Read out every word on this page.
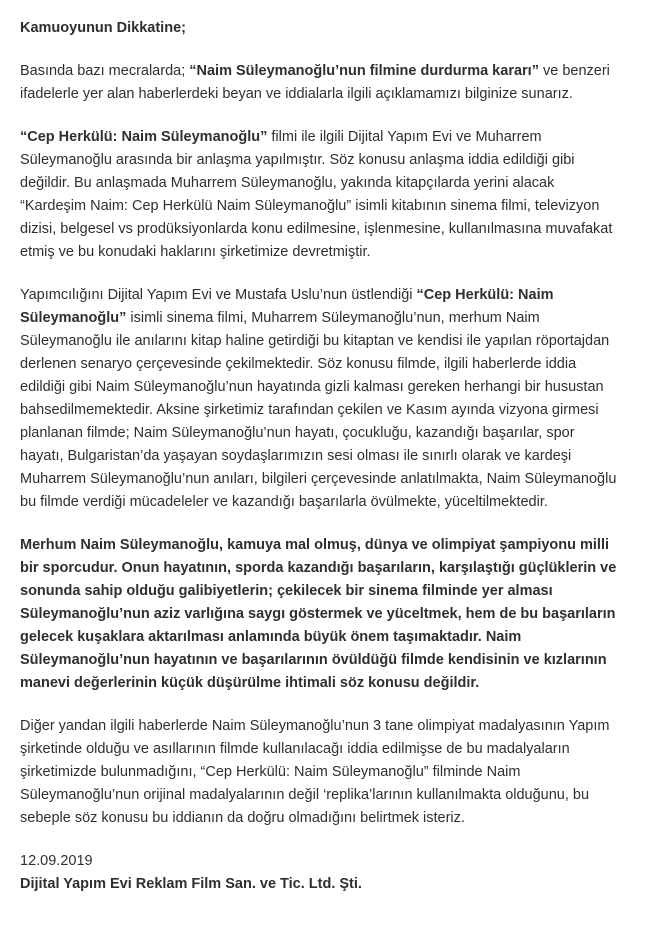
Kamuoyunun Dikkatine;

Basında bazı mecralarda; “Naim Süleymanoğlu’nun filmine durdurma kararı” ve benzeri ifadelerle yer alan haberlerdeki beyan ve iddialarla ilgili açıklamamızı bilginize sunarız.

“Cep Herkülü: Naim Süleymanoğlu” filmi ile ilgili Dijital Yapım Evi ve Muharrem Süleymanoğlu arasında bir anlaşma yapılmıştır. Söz konusu anlaşma iddia edildiği gibi değildir. Bu anlaşmada Muharrem Süleymanoğlu, yakında kitapçılarda yerini alacak “Kardeşim Naim: Cep Herkülü Naim Süleymanoğlu” isimli kitabının sinema filmi, televizyon dizisi, belgesel vs prodüksiyonlarda konu edilmesine, işlenmesine, kullanılmasına muvafakat etmiş ve bu konudaki haklarını şirketimize devretmiştir.

Yapımcılığını Dijital Yapım Evi ve Mustafa Uslu’nun üstlendiği “Cep Herkülü: Naim Süleymanoğlu” isimli sinema filmi, Muharrem Süleymanoğlu’nun, merhum Naim Süleymanoğlu ile anılarını kitap haline getirdiği bu kitaptan ve kendisi ile yapılan röportajdan derlenen senaryo çerçevesinde çekilmektedir. Söz konusu filmde, ilgili haberlerde iddia edildiği gibi Naim Süleymanoğlu’nun hayatında gizli kalması gereken herhangi bir husustan bahsedilmemektedir. Aksine şirketimiz tarafından çekilen ve Kasım ayında vizyona girmesi planlanan filmde; Naim Süleymanoğlu’nun hayatı, çocukluğu, kazandığı başarılar, spor hayatı, Bulgaristan’da yaşayan soydaşlarımızın sesi olması ile sınırlı olarak ve kardeşi Muharrem Süleymanoğlu’nun anıları, bilgileri çerçevesinde anlatılmakta, Naim Süleymanoğlu bu filmde verdiği mücadeleler ve kazandığı başarılarla övülmekte, yüceltilmektedir.

Merhum Naim Süleymanoğlu, kamuya mal olmuş, dünya ve olimpiyat şampiyonu milli bir sporcudur. Onun hayatının, sporda kazandığı başarıların, karşılaştığı güçlüklerin ve sonunda sahip olduğu galibiyetlerin; çekilecek bir sinema filminde yer alması Süleymanoğlu’nun aziz varlığına saygı göstermek ve yüceltmek, hem de bu başarıların gelecek kuşaklara aktarılması anlamında büyük önem taşımaktadır. Naim Süleymanoğlu’nun hayatının ve başarılarının övüldüğü filmde kendisinin ve kızlarının manevi değerlerinin küçük düşürülme ihtimali söz konusu değildir.

Diğer yandan ilgili haberlerde Naim Süleymanoğlu’nun 3 tane olimpiyat madalyasının Yapım şirketinde olduğu ve asıllarının filmde kullanılacağı iddia edilmişse de bu madalyaların şirketimizde bulunmadığını, “Cep Herkülü: Naim Süleymanoğlu” filminde Naim Süleymanoğlu’nun orijinal madalyalarının değil ‘replika’larının kullanılmakta olduğunu, bu sebeple söz konusu bu iddianın da doğru olmadığını belirtmek isteriz.

12.09.2019

Dijital Yapım Evi Reklam Film San. ve Tic. Ltd. Şti.
